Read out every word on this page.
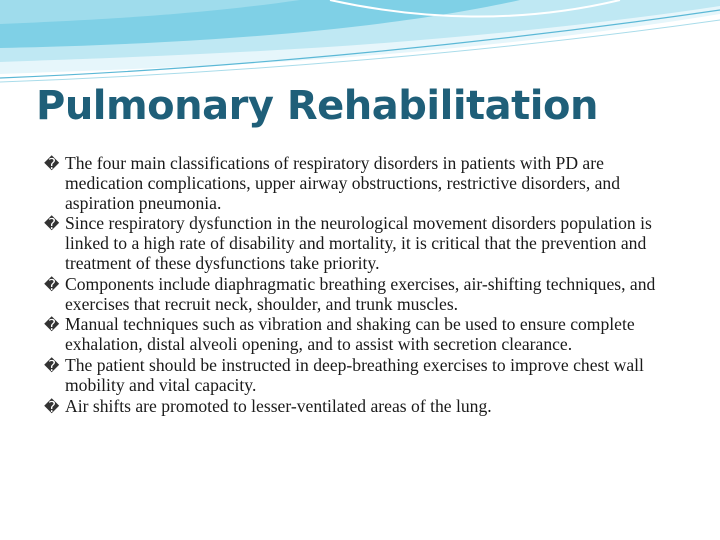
Pulmonary Rehabilitation
� The four main classifications of respiratory disorders in patients with PD are medication complications, upper airway obstructions, restrictive disorders, and aspiration pneumonia.
� Since respiratory dysfunction in the neurological movement disorders population is linked to a high rate of disability and mortality, it is critical that the prevention and treatment of these dysfunctions take priority.
� Components include diaphragmatic breathing exercises, air-shifting techniques, and exercises that recruit neck, shoulder, and trunk muscles.
� Manual techniques such as vibration and shaking can be used to ensure complete exhalation, distal alveoli opening, and to assist with secretion clearance.
� The patient should be instructed in deep-breathing exercises to improve chest wall mobility and vital capacity.
� Air shifts are promoted to lesser-ventilated areas of the lung.
